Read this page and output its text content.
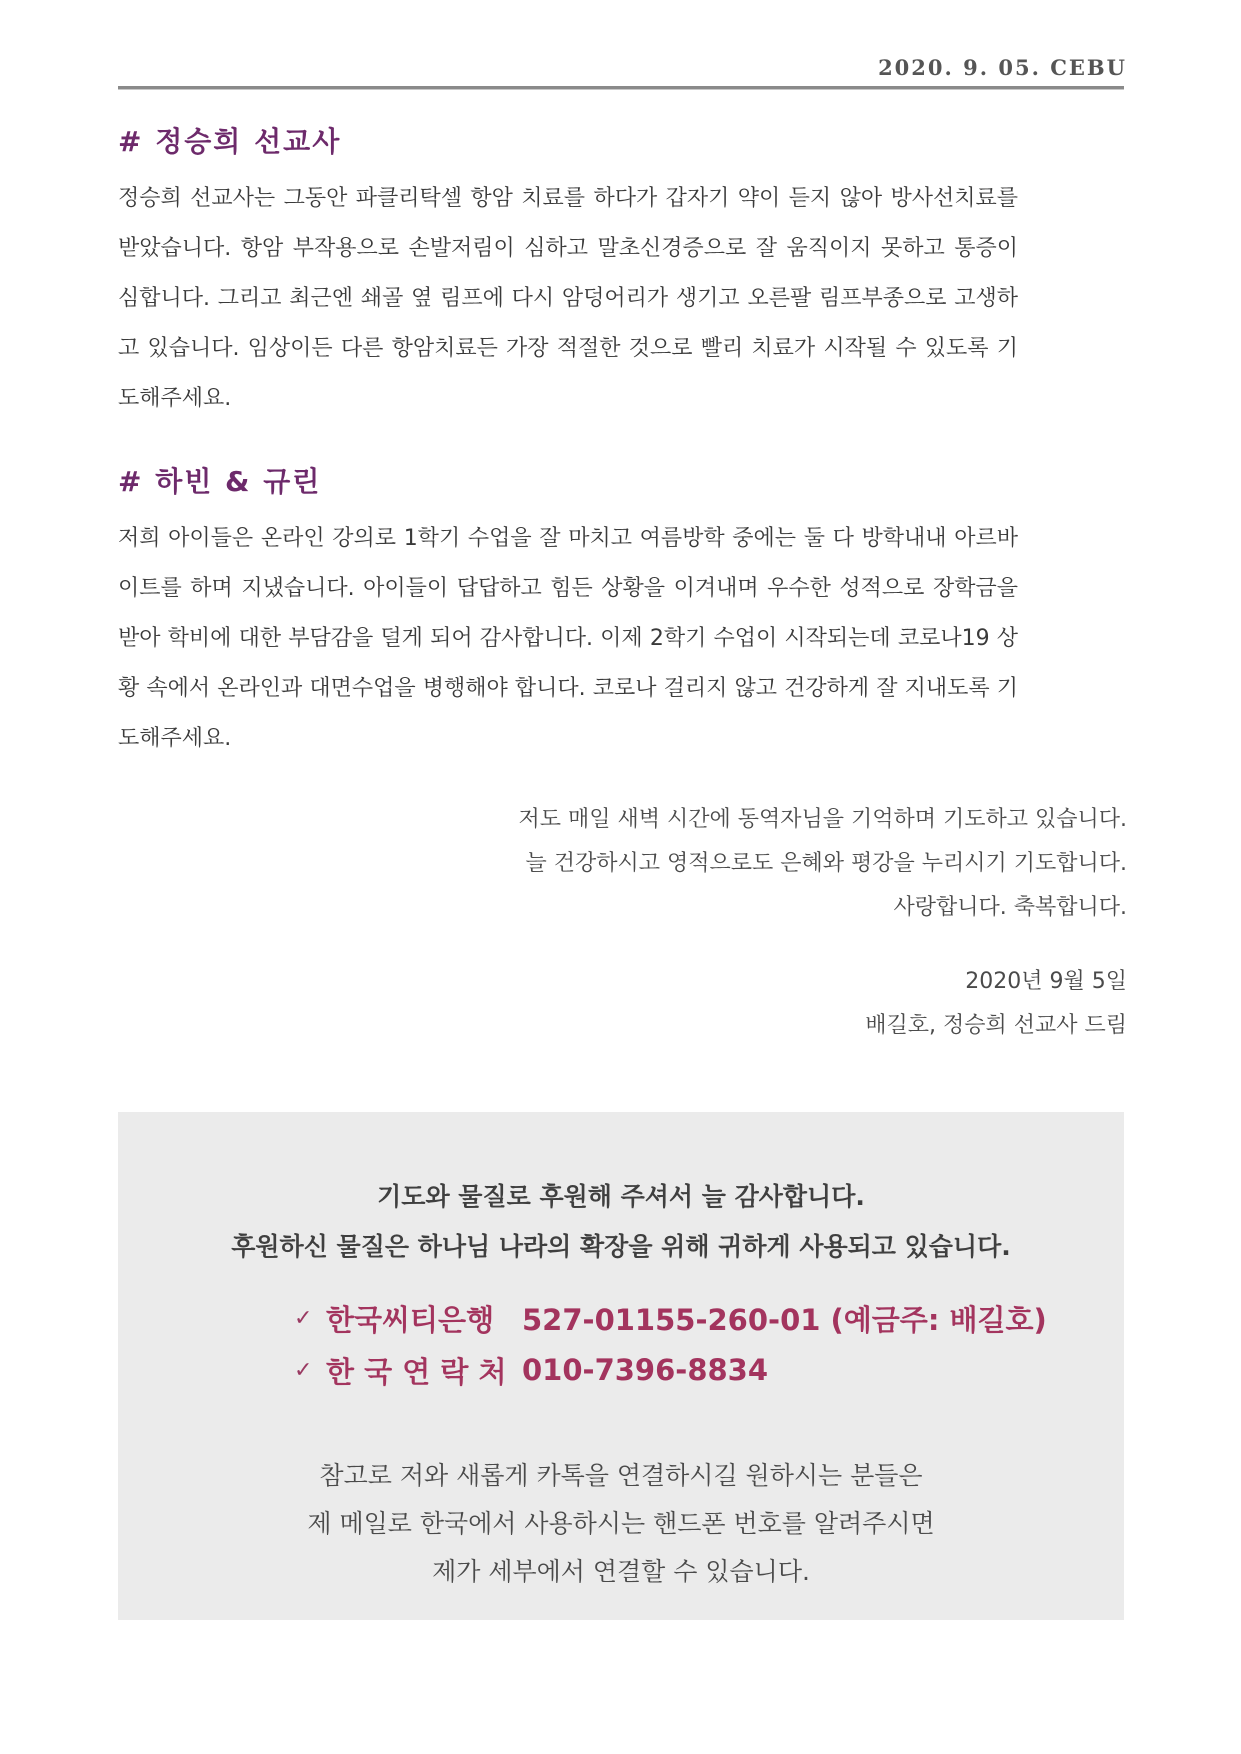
2020. 9. 05. CEBU
# 정승희 선교사

정승희 선교사는 그동안 파클리탁셀 항암 치료를 하다가 갑자기 약이 듣지 않아 방사선치료를 받았습니다. 항암 부작용으로 손발저림이 심하고 말초신경증으로 잘 움직이지 못하고 통증이 심합니다. 그리고 최근엔 쇄골 옆 림프에 다시 암덩어리가 생기고 오른팔 림프부종으로 고생하고 있습니다. 임상이든 다른 항암치료든 가장 적절한 것으로 빨리 치료가 시작될 수 있도록 기도해주세요.

# 하빈 & 규린

저희 아이들은 온라인 강의로 1학기 수업을 잘 마치고 여름방학 중에는 둘 다 방학내내 아르바이트를 하며 지냈습니다. 아이들이 답답하고 힘든 상황을 이겨내며 우수한 성적으로 장학금을 받아 학비에 대한 부담감을 덜게 되어 감사합니다. 이제 2학기 수업이 시작되는데 코로나19 상황 속에서 온라인과 대면수업을 병행해야 합니다. 코로나 걸리지 않고 건강하게 잘 지내도록 기도해주세요.

저도 매일 새벽 시간에 동역자님을 기억하며 기도하고 있습니다.

늘 건강하시고 영적으로도 은혜와 평강을 누리시기 기도합니다.

사랑합니다. 축복합니다.

2020년 9월 5일

배길호, 정승희 선교사 드림

기도와 물질로 후원해 주셔서 늘 감사합니다.

후원하신 물질은 하나님 나라의 확장을 위해 귀하게 사용되고 있습니다.

✓ 한국씨티은행 527-01155-260-01 (예금주: 배길호)
✓ 한 국 연 락 처 010-7396-8834

참고로 저와 새롭게 카톡을 연결하시길 원하시는 분들은

제 메일로 한국에서 사용하시는 핸드폰 번호를 알려주시면

제가 세부에서 연결할 수 있습니다.
